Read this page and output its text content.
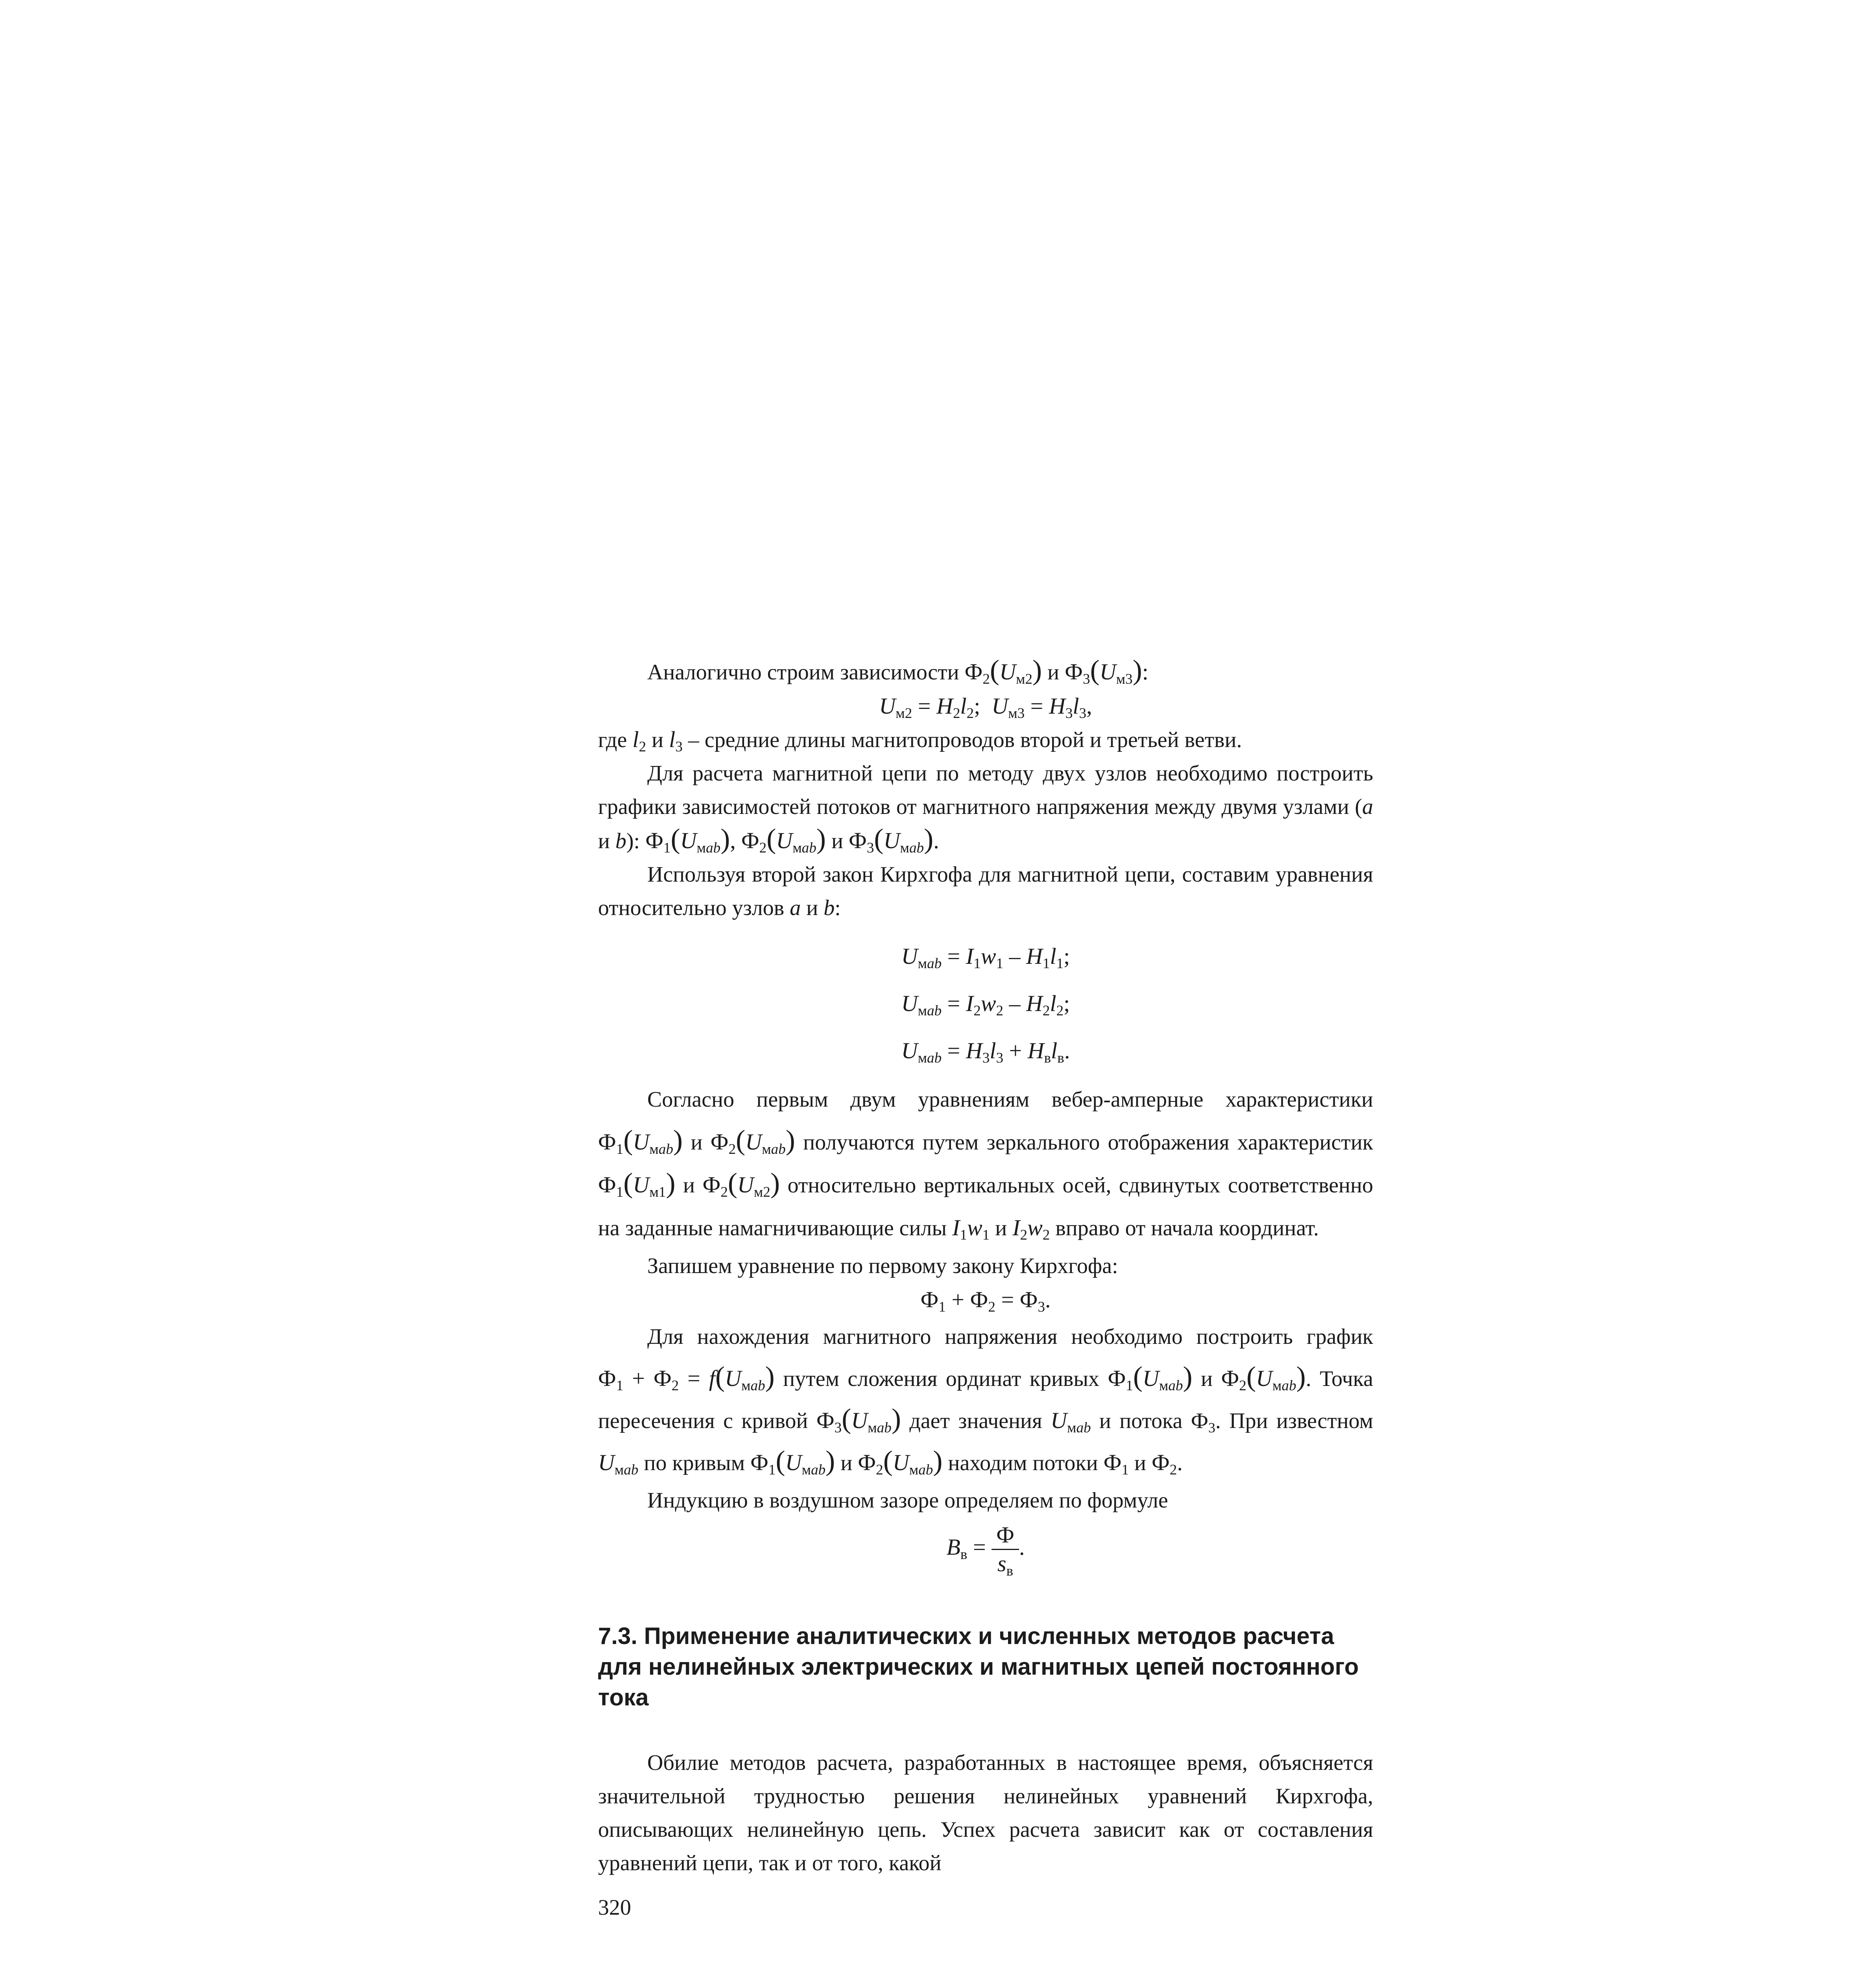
Аналогично строим зависимости Ф2(Uм2) и Ф3(Uм3):

Uм2 = H2l2;  Uм3 = H3l3,

где l2 и l3 – средние длины магнитопроводов второй и третьей ветви.

Для расчета магнитной цепи по методу двух узлов необходимо построить графики зависимостей потоков от магнитного напряжения между двумя узлами (a и b): Ф1(Uмab), Ф2(Uмab) и Ф3(Uмab).

Используя второй закон Кирхгофа для магнитной цепи, составим уравнения относительно узлов a и b:

Uмab = I1w1 – H1l1;

Uмab = I2w2 – H2l2;

Uмab = H3l3 + Hвlв.

Согласно первым двум уравнениям вебер-амперные характеристики Ф1(Uмab) и Ф2(Uмab) получаются путем зеркального отображения характеристик Ф1(Uм1) и Ф2(Uм2) относительно вертикальных осей, сдвинутых соответственно на заданные намагничивающие силы I1w1 и I2w2 вправо от начала координат.

Запишем уравнение по первому закону Кирхгофа:

Ф1 + Ф2 = Ф3.

Для нахождения магнитного напряжения необходимо построить график Ф1 + Ф2 = f(Uмab) путем сложения ординат кривых Ф1(Uмab) и Ф2(Uмab). Точка пересечения с кривой Ф3(Uмab) дает значения Uмab и потока Ф3. При известном Uмab по кривым Ф1(Uмab) и Ф2(Uмab) находим потоки Ф1 и Ф2.

Индукцию в воздушном зазоре определяем по формуле

Bв = $\frac{Ф}{sв}$ .

7.3. Применение аналитических и численных методов расчета для нелинейных электрических и магнитных цепей постоянного тока

Обилие методов расчета, разработанных в настоящее время, объясняется значительной трудностью решения нелинейных уравнений Кирхгофа, описывающих нелинейную цепь. Успех расчета зависит как от составления уравнений цепи, так и от того, какой

320
